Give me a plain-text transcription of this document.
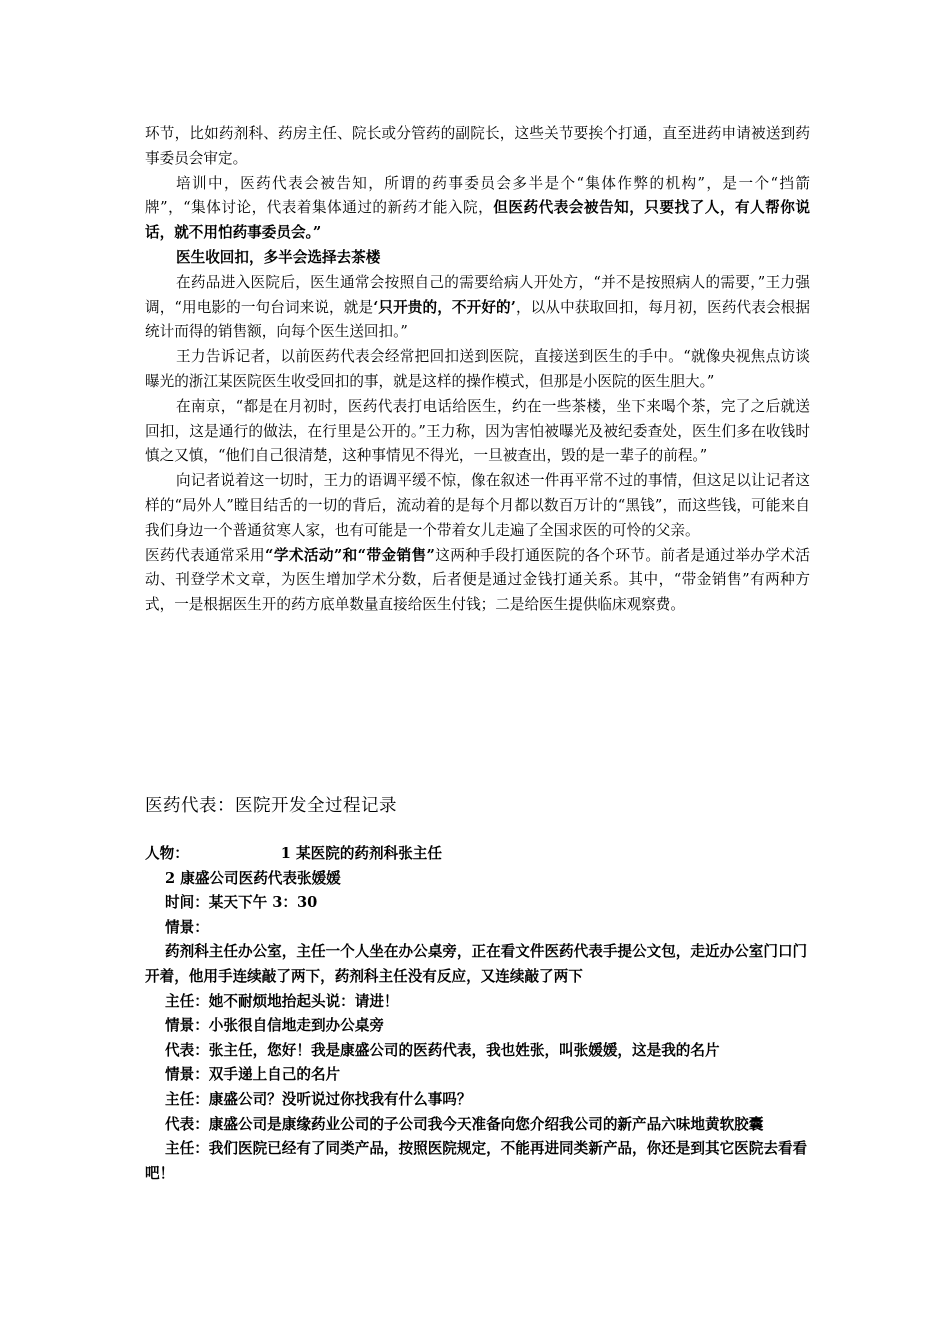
环节，比如药剂科、药房主任、院长或分管药的副院长，这些关节要挨个打通，直至进药申请被送到药事委员会审定。

培训中，医药代表会被告知，所谓的药事委员会多半是个“集体作弊的机构”，是一个“挡箭牌”，“集体讨论，代表着集体通过的新药才能入院，但医药代表会被告知，只要找了人，有人帮你说话，就不用怕药事委员会。”

医生收回扣，多半会选择去茶楼

在药品进入医院后，医生通常会按照自己的需要给病人开处方，“并不是按照病人的需要，”王力强调，“用电影的一句台词来说，就是‘只开贵的，不开好的’，以从中获取回扣，每月初，医药代表会根据统计而得的销售额，向每个医生送回扣。”

王力告诉记者，以前医药代表会经常把回扣送到医院，直接送到医生的手中。“就像央视焦点访谈曝光的浙江某医院医生收受回扣的事，就是这样的操作模式，但那是小医院的医生胆大。”

在南京，“都是在月初时，医药代表打电话给医生，约在一些茶楼，坐下来喝个茶，完了之后就送回扣，这是通行的做法，在行里是公开的。”王力称，因为害怕被曝光及被纪委查处，医生们多在收钱时慎之又慎，“他们自己很清楚，这种事情见不得光，一旦被查出，毁的是一辈子的前程。”

向记者说着这一切时，王力的语调平缓不惊，像在叙述一件再平常不过的事情，但这足以让记者这样的“局外人”瞠目结舌的一切的背后，流动着的是每个月都以数百万计的“黑钱”，而这些钱，可能来自我们身边一个普通贫寒人家，也有可能是一个带着女儿走遍了全国求医的可怜的父亲。

医药代表通常采用“学术活动”和“带金销售”这两种手段打通医院的各个环节。前者是通过举办学术活动、刊登学术文章，为医生增加学术分数，后者便是通过金钱打通关系。其中，“带金销售”有两种方式，一是根据医生开的药方底单数量直接给医生付钱；二是给医生提供临床观察费。

医药代表：医院开发全过程记录

人物：	1 某医院的药剂科张主任

2 康盛公司医药代表张媛媛

时间：某天下午 3：30

情景：

药剂科主任办公室，主任一个人坐在办公桌旁，正在看文件医药代表手提公文包，走近办公室门口门开着，他用手连续敲了两下，药剂科主任没有反应，又连续敲了两下

主任：她不耐烦地抬起头说：请进！

情景：小张很自信地走到办公桌旁

代表：张主任，您好！我是康盛公司的医药代表，我也姓张，叫张媛媛，这是我的名片

情景：双手递上自己的名片

主任：康盛公司？没听说过你找我有什么事吗？

代表：康盛公司是康缘药业公司的子公司我今天准备向您介绍我公司的新产品六味地黄软胶囊

主任：我们医院已经有了同类产品，按照医院规定，不能再进同类新产品，你还是到其它医院去看看吧！
